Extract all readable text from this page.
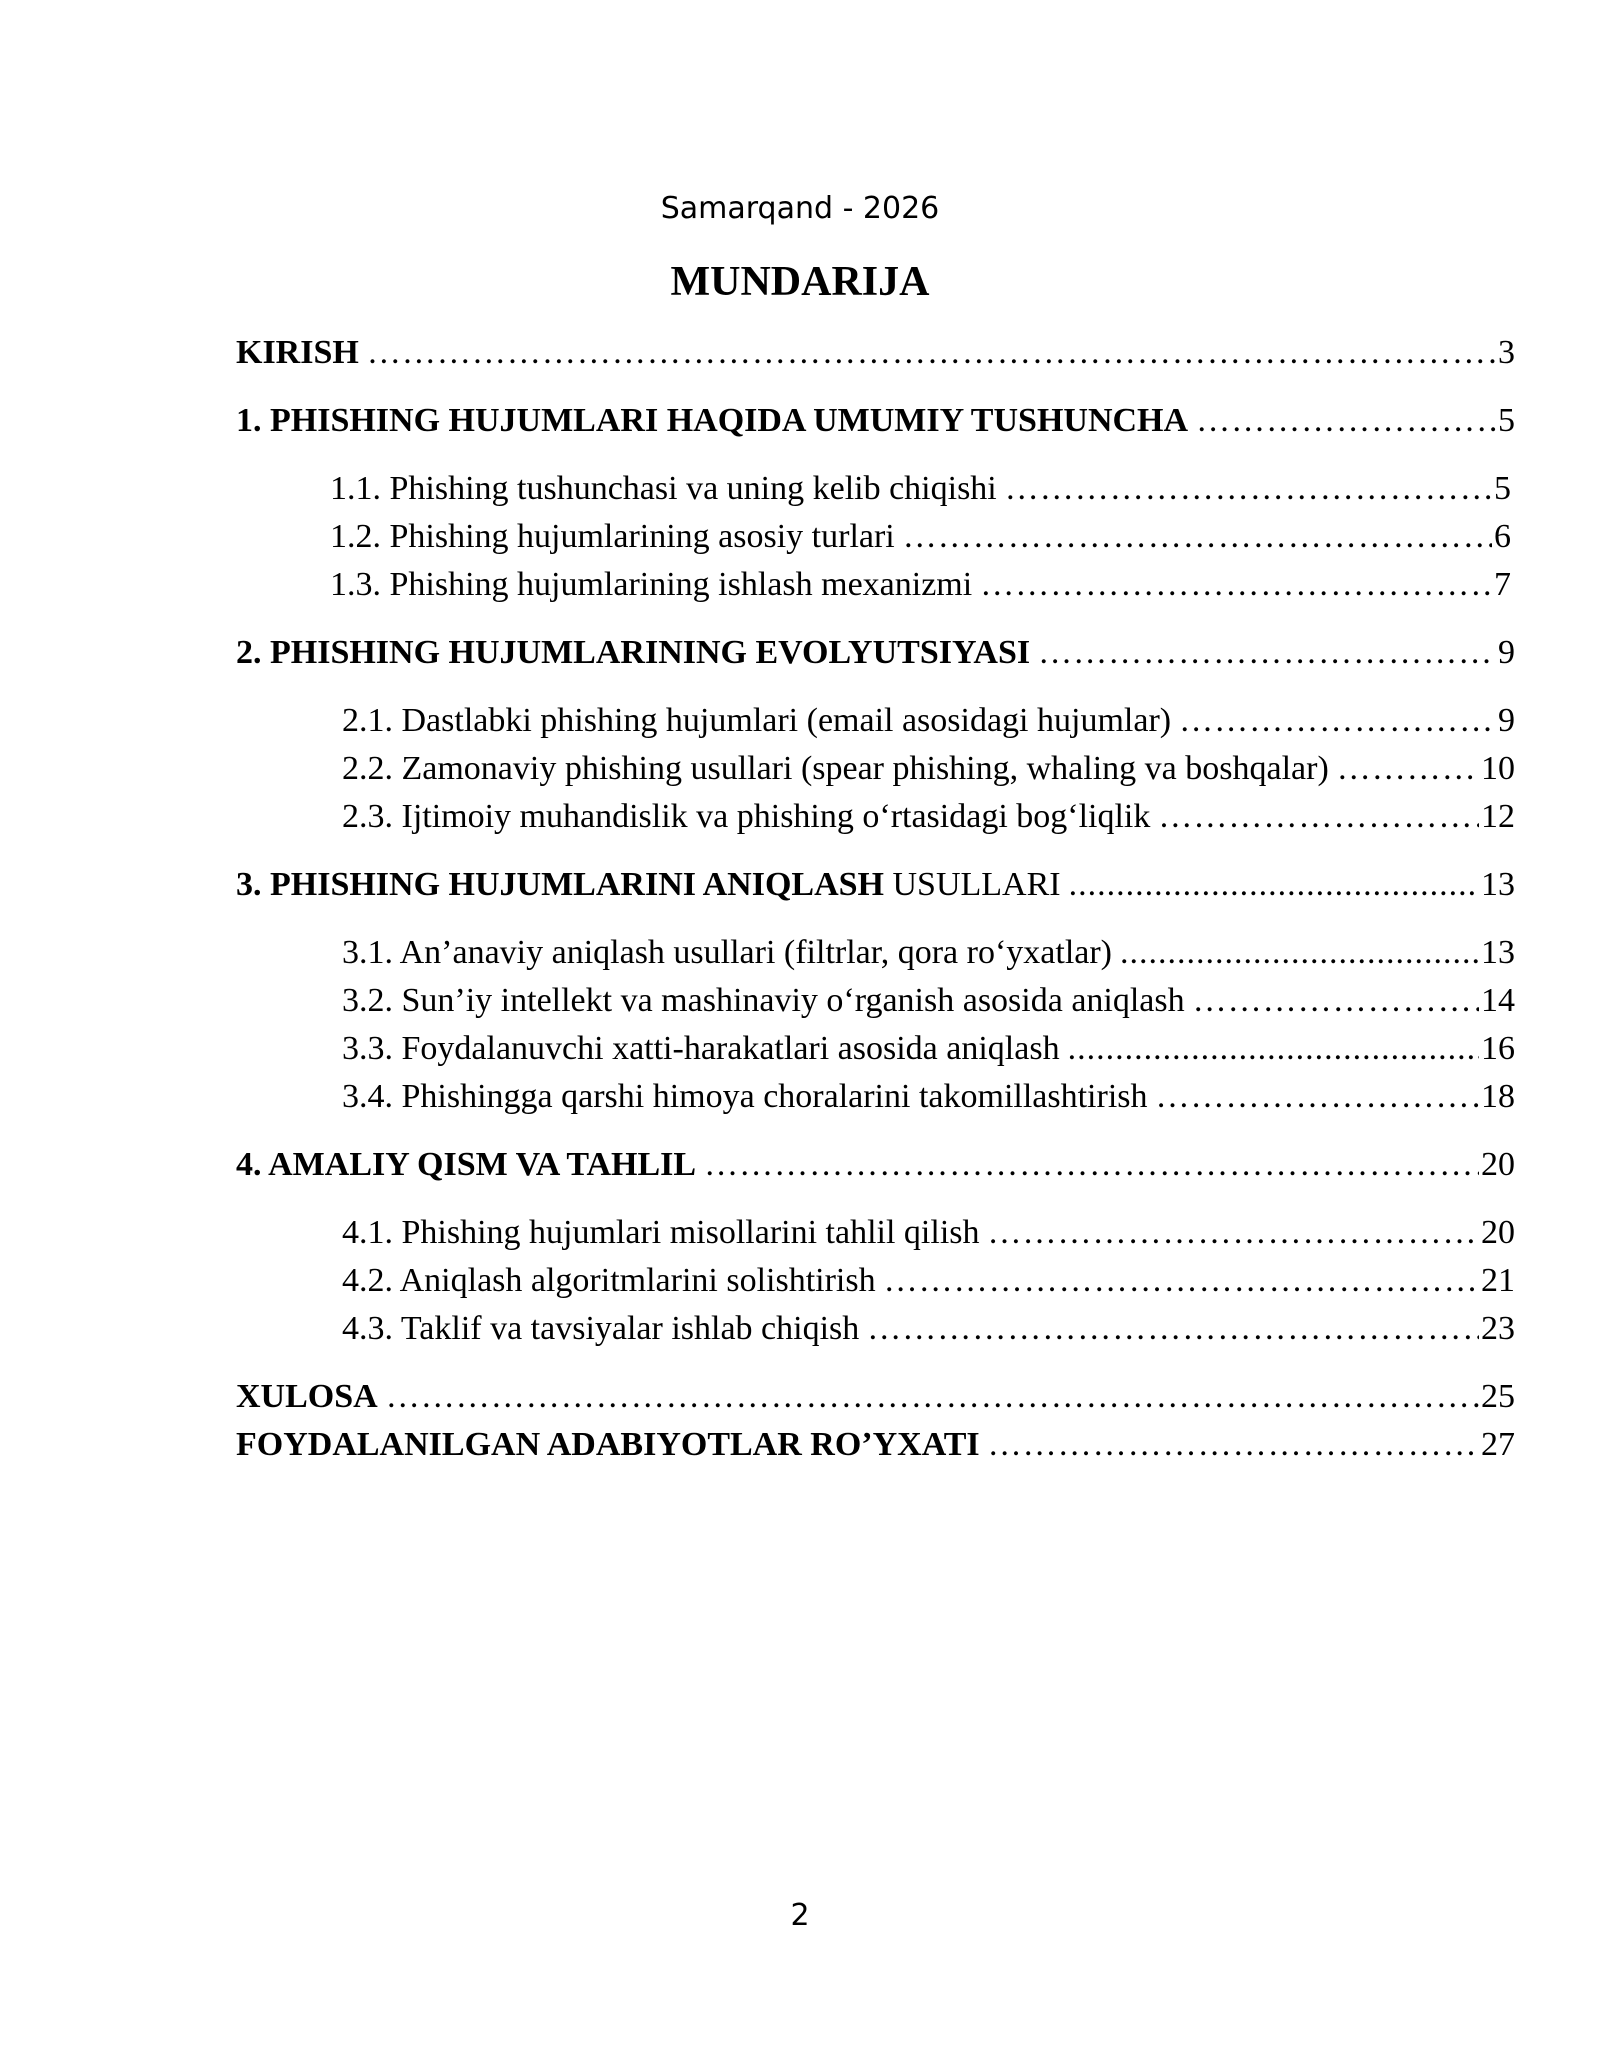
Samarqand - 2026
MUNDARIJA
KIRISH ……………………………………………………………………………………………………………………………………………………………………………………	3
1. PHISHING HUJUMLARI HAQIDA UMUMIY TUSHUNCHA ……………………………………………………………………………………………………………………………………………………………………………………	5
1.1. Phishing tushunchasi va uning kelib chiqishi ……………………………………………………………………………………………………………………………………………………………………………………	5
1.2. Phishing hujumlarining asosiy turlari ……………………………………………………………………………………………………………………………………………………………………………………	6
1.3. Phishing hujumlarining ishlash mexanizmi ……………………………………………………………………………………………………………………………………………………………………………………	7
2. PHISHING HUJUMLARINING EVOLYUTSIYASI ……………………………………………………………………………………………………………………………………………………………………………………	9
2.1. Dastlabki phishing hujumlari (email asosidagi hujumlar) ……………………………………………………………………………………………………………………………………………………………………………………	9
2.2. Zamonaviy phishing usullari (spear phishing, whaling va boshqalar) ……………………………………………………………………………………………………………………………………………………………………………………	10
2.3. Ijtimoiy muhandislik va phishing o‘rtasidagi bog‘liqlik ……………………………………………………………………………………………………………………………………………………………………………………	12
3. PHISHING HUJUMLARINI ANIQLASH USULLARI .....	13
3.1. An’anaviy aniqlash usullari (filtrlar, qora ro‘yxatlar) .....	13
3.2. Sun’iy intellekt va mashinaviy o‘rganish asosida aniqlash ……………………………………………………………………………………………………………………………………………………………………………………	14
3.3. Foydalanuvchi xatti-harakatlari asosida aniqlash .....	16
3.4. Phishingga qarshi himoya choralarini takomillashtirish ……………………………………………………………………………………………………………………………………………………………………………………	18
4. AMALIY QISM VA TAHLIL ……………………………………………………………………………………………………………………………………………………………………………………	20
4.1. Phishing hujumlari misollarini tahlil qilish ……………………………………………………………………………………………………………………………………………………………………………………	20
4.2. Aniqlash algoritmlarini solishtirish ……………………………………………………………………………………………………………………………………………………………………………………	21
4.3. Taklif va tavsiyalar ishlab chiqish ……………………………………………………………………………………………………………………………………………………………………………………	23
XULOSA ……………………………………………………………………………………………………………………………………………………………………………………	25
FOYDALANILGAN ADABIYOTLAR RO’YXATI ……………………………………………………………………………………………………………………………………………………………………………………	27
2
